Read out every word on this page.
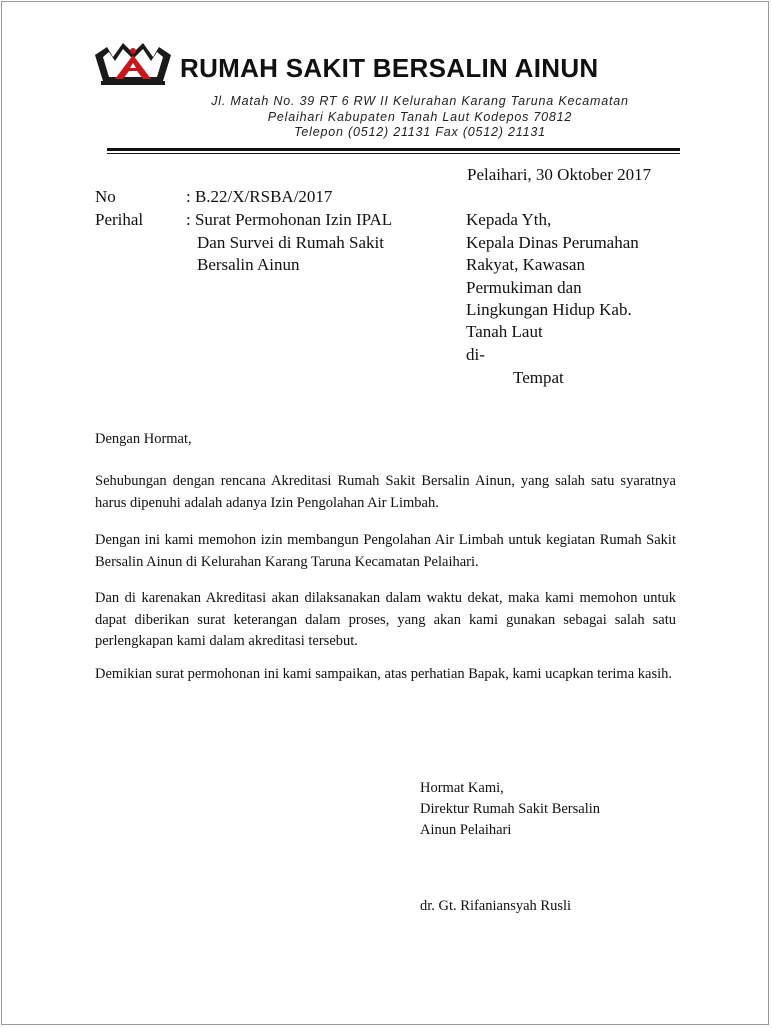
RUMAH SAKIT BERSALIN AINUN
Jl. Matah No. 39 RT 6 RW II Kelurahan Karang Taruna Kecamatan
Pelaihari Kabupaten Tanah Laut Kodepos 70812
Telepon (0512) 21131 Fax (0512) 21131
Pelaihari, 30 Oktober 2017
No	: B.22/X/RSBA/2017
Perihal	: Surat Permohonan Izin IPAL
Dan Survei di Rumah Sakit
Bersalin Ainun
Kepada Yth,
Kepala Dinas Perumahan
Rakyat, Kawasan
Permukiman dan
Lingkungan Hidup Kab.
Tanah Laut
di-
Tempat
Dengan Hormat,
Sehubungan dengan rencana Akreditasi Rumah Sakit Bersalin Ainun, yang salah satu syaratnya harus dipenuhi adalah adanya Izin Pengolahan Air Limbah.
Dengan ini kami memohon izin membangun Pengolahan Air Limbah untuk kegiatan Rumah Sakit Bersalin Ainun di Kelurahan Karang Taruna Kecamatan Pelaihari.
Dan di karenakan Akreditasi akan dilaksanakan dalam waktu dekat, maka kami memohon untuk dapat diberikan surat keterangan dalam proses, yang akan kami gunakan sebagai salah satu perlengkapan kami dalam akreditasi tersebut.
Demikian surat permohonan ini kami sampaikan, atas perhatian Bapak, kami ucapkan terima kasih.
Hormat Kami,
Direktur Rumah Sakit Bersalin
Ainun Pelaihari
dr. Gt. Rifaniansyah Rusli
